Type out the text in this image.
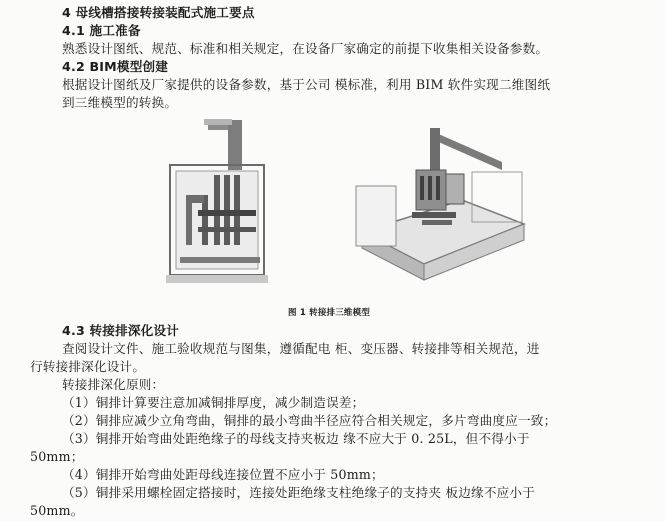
4 母线槽搭接转接装配式施工要点
4.1 施工准备
熟悉设计图纸、规范、标准和相关规定，在设备厂家确定的前提下收集相关设备参数。
4.2 BIM模型创建
根据设计图纸及厂家提供的设备参数，基于公司 模标准，利用 BIM 软件实现二维图纸
到三维模型的转换。
图 1 转接排三维模型
4.3 转接排深化设计
查阅设计文件、施工验收规范与图集，遵循配电 柜、变压器、转接排等相关规范，进
行转接排深化设计。
转接排深化原则：
（1）铜排计算要注意加减铜排厚度，减少制造误差；
（2）铜排应减少立角弯曲，铜排的最小弯曲半径应符合相关规定，多片弯曲度应一致；
（3）铜排开始弯曲处距绝缘子的母线支持夹板边 缘不应大于 0. 25L，但不得小于
50mm；
（4）铜排开始弯曲处距母线连接位置不应小于 50mm；
（5）铜排采用螺栓固定搭接时，连接处距绝缘支柱绝缘子的支持夹 板边缘不应小于
50mm。
